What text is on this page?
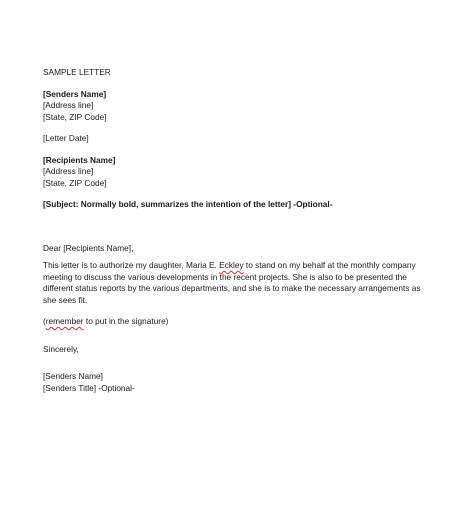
SAMPLE LETTER
[Senders Name]
[Address line]
[State, ZIP Code]
[Letter Date]
[Recipients Name]
[Address line]
[State, ZIP Code]
[Subject: Normally bold, summarizes the intention of the letter] -Optional-
Dear [Recipients Name],

This letter is to authorize my daughter, Maria E. Eckley to stand on my behalf at the monthly company meeting to discuss the various developments in the recent projects. She is also to be presented the different status reports by the various departments, and she is to make the necessary arrangements as she sees fit.

(remember to put in the signature)
Sincerely,
[Senders Name]
[Senders Title] -Optional-
